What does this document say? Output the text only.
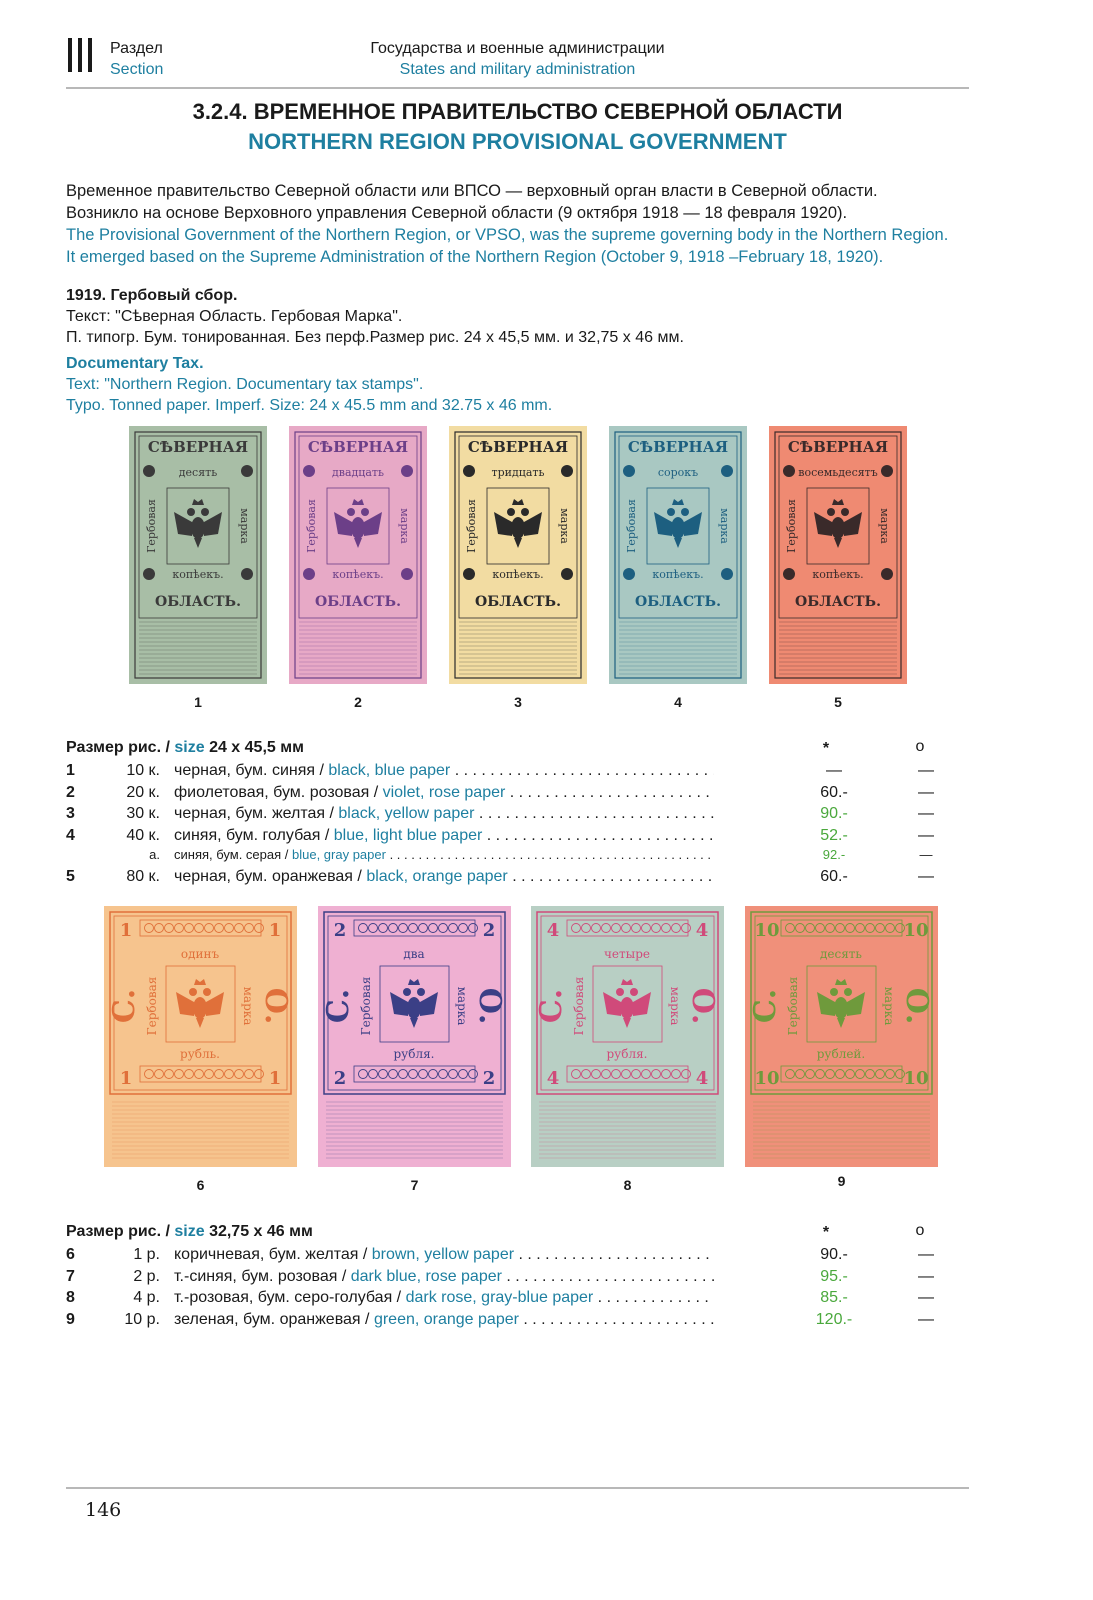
Раздел
Section
Государства и военные администрации
States and military administration
3.2.4. ВРЕМЕННОЕ ПРАВИТЕЛЬСТВО СЕВЕРНОЙ ОБЛАСТИ
NORTHERN REGION PROVISIONAL GOVERNMENT

Временное правительство Северной области или ВПСО — верховный орган власти в Северной области.

Возникло на основе Верховного управления Северной области (9 октября 1918 — 18 февраля 1920).

The Provisional Government of the Northern Region, or VPSO, was the supreme governing body in the Northern Region.

It emerged based on the Supreme Administration of the Northern Region (October 9, 1918 –February 18, 1920).

1919. Гербовый сбор.

Текст: "Сѣверная Область. Гербовая Марка".

П. типогр. Бум. тонированная. Без перф.Размер рис. 24 х 45,5 мм. и 32,75 х 46 мм.

Documentary Tax.

Text: "Northern Region. Documentary tax stamps".

Typo. Tonned paper. Imperf. Size: 24 x 45.5 mm and 32.75 x 46 mm.

СѢВЕРНАЯ
десять
Гербовая	марка
копѣекъ.
ОБЛАСТЬ.
1
СѢВЕРНАЯ
двадцать
Гербовая	марка
копѣекъ.
ОБЛАСТЬ.
2
СѢВЕРНАЯ
тридцать
Гербовая	марка
копѣекъ.
ОБЛАСТЬ.
3
СѢВЕРНАЯ
сорокъ
Гербовая	марка
копѣекъ.
ОБЛАСТЬ.
4
СѢВЕРНАЯ
восемьдесятъ
Гербовая	марка
копѣекъ.
ОБЛАСТЬ.
5
Размер рис. / size 24 х 45,5 мм	*	o
1	10 к. черная, бум. синяя / black, blue paper . . .	—	—
2	20 к. фиолетовая, бум. розовая / violet, rose paper . . .	60.-	—
3	30 к. черная, бум. желтая / black, yellow paper . . .	90.-	—
4	40 к. синяя, бум. голубая / blue, light blue paper . . .	52.-	—
a. синяя, бум. серая / blue, gray paper . . .	92.-	—
5	80 к. черная, бум. оранжевая / black, orange paper . . .	60.-	—
1	1
1	1
одинъ
Гербовая	марка
С.	О.
рубль.
6
2	2
2	2
два
Гербовая	марка
С.	О.
рубля.
7
4	4
4	4
четыре
Гербовая	марка
С.	О.
рубля.
8
10	10
10	10
десять
Гербовая	марка
С.	О.
рублей.
9
Размер рис. / size 32,75 х 46 мм	*	o
6	1 р. коричневая, бум. желтая / brown, yellow paper . . .	90.-	—
7	2 р. т.-синяя, бум. розовая / dark blue, rose paper . . .	95.-	—
8	4 р. т.-розовая, бум. серо-голубая / dark rose, gray-blue paper . . .	85.-	—
9	10 р. зеленая, бум. оранжевая / green, orange paper . . .	120.-	—
146
